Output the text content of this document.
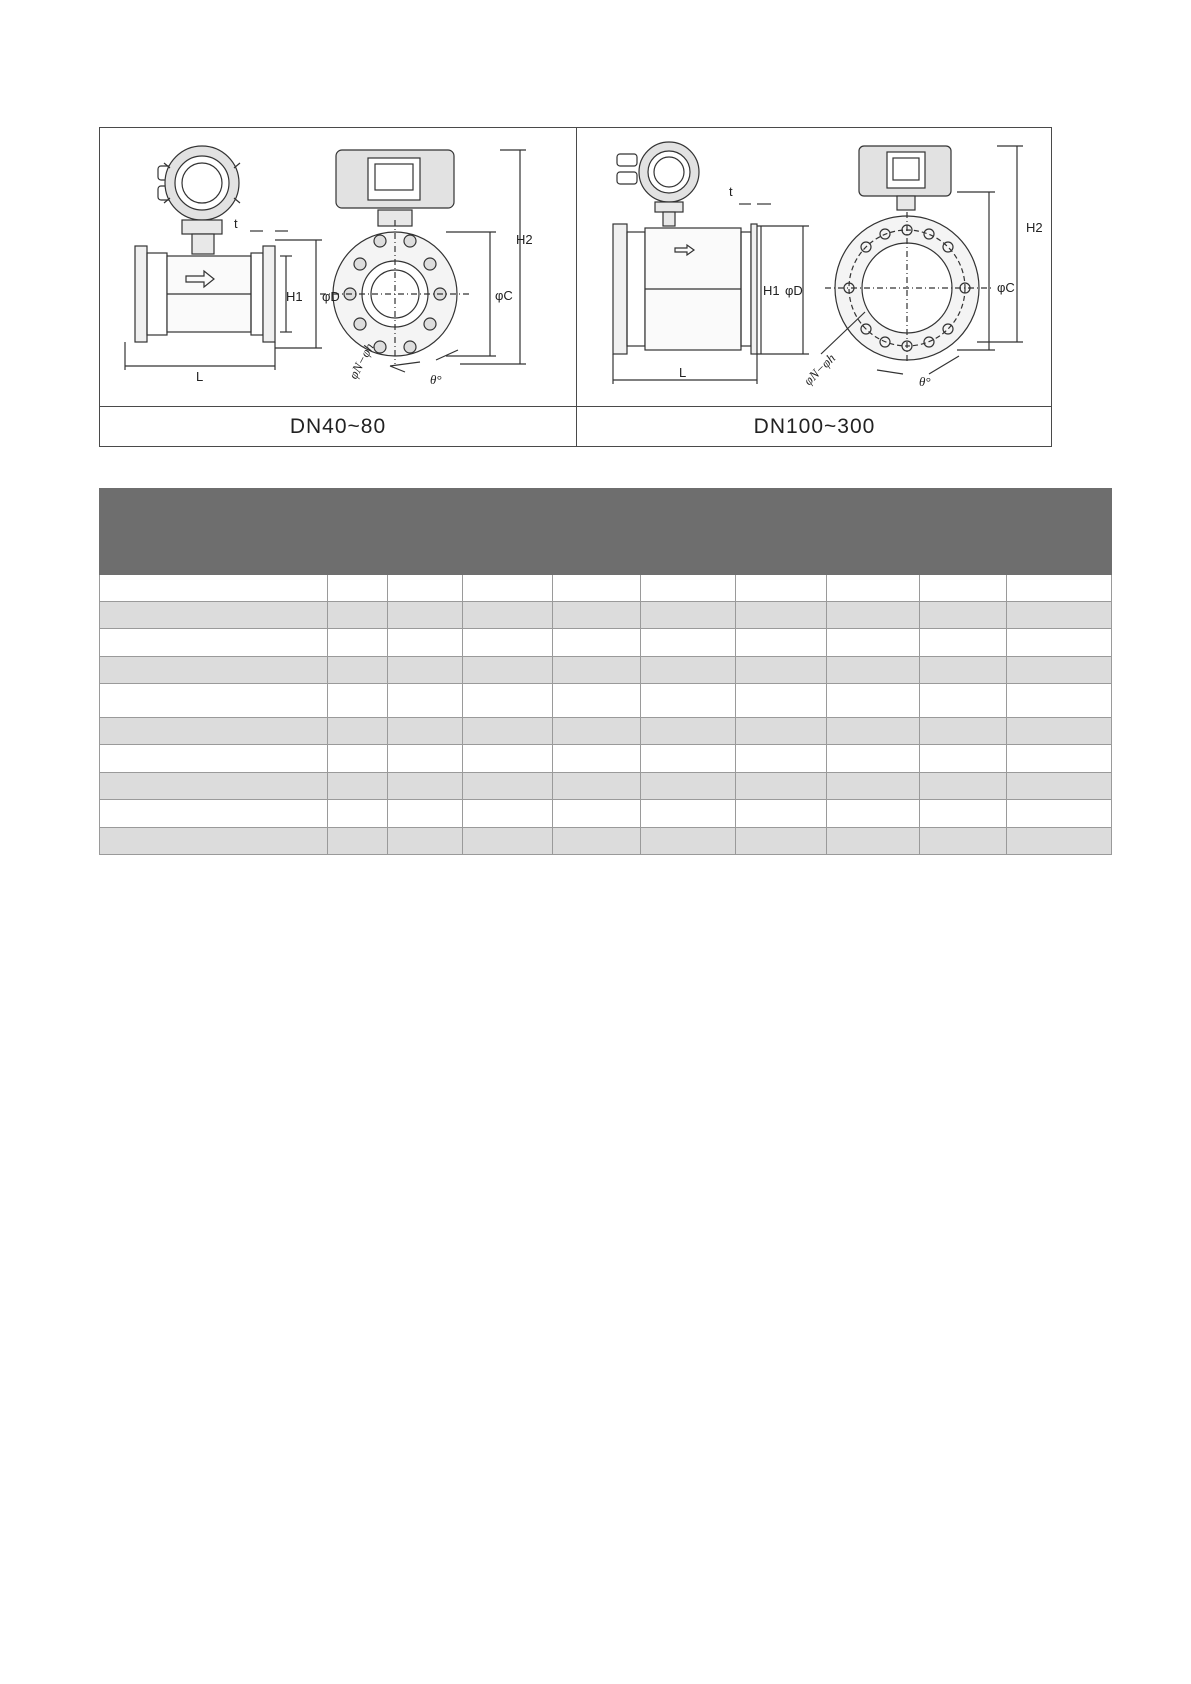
t
H1 φD
L
H2
φC
φN−φh	θ°
t
H1 φD
L
H2
φC
φN−φh	θ°
DN40~80	DN100~300
